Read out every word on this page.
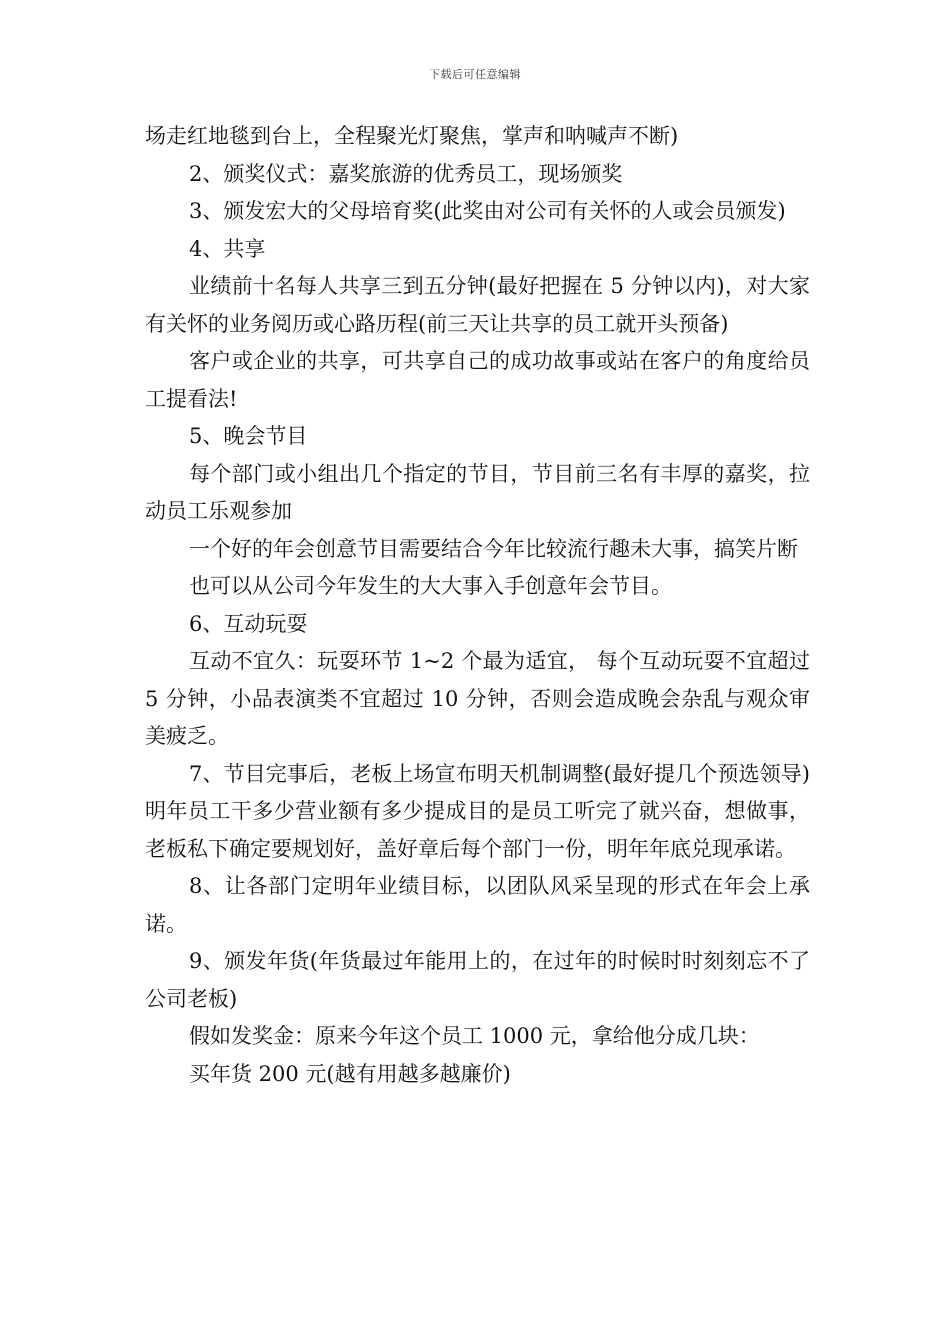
下载后可任意编辑

场走红地毯到台上，全程聚光灯聚焦，掌声和呐喊声不断)

2、颁奖仪式：嘉奖旅游的优秀员工，现场颁奖

3、颁发宏大的父母培育奖(此奖由对公司有关怀的人或会员颁发)

4、共享

业绩前十名每人共享三到五分钟(最好把握在 5 分钟以内)，对大家有关怀的业务阅历或心路历程(前三天让共享的员工就开头预备)

客户或企业的共享，可共享自己的成功故事或站在客户的角度给员工提看法!

5、晚会节目

每个部门或小组出几个指定的节目，节目前三名有丰厚的嘉奖，拉动员工乐观参加

一个好的年会创意节目需要结合今年比较流行趣未大事，搞笑片断

也可以从公司今年发生的大大事入手创意年会节目。

6、互动玩耍

互动不宜久：玩耍环节 1~2 个最为适宜， 每个互动玩耍不宜超过 5 分钟，小品表演类不宜超过 10 分钟，否则会造成晚会杂乱与观众审美疲乏。

7、节目完事后，老板上场宣布明天机制调整(最好提几个预选领导)明年员工干多少营业额有多少提成目的是员工听完了就兴奋，想做事，老板私下确定要规划好，盖好章后每个部门一份，明年年底兑现承诺。

8、让各部门定明年业绩目标，以团队风采呈现的形式在年会上承诺。

9、颁发年货(年货最过年能用上的，在过年的时候时时刻刻忘不了公司老板)

假如发奖金：原来今年这个员工 1000 元，拿给他分成几块：

买年货 200 元(越有用越多越廉价)
